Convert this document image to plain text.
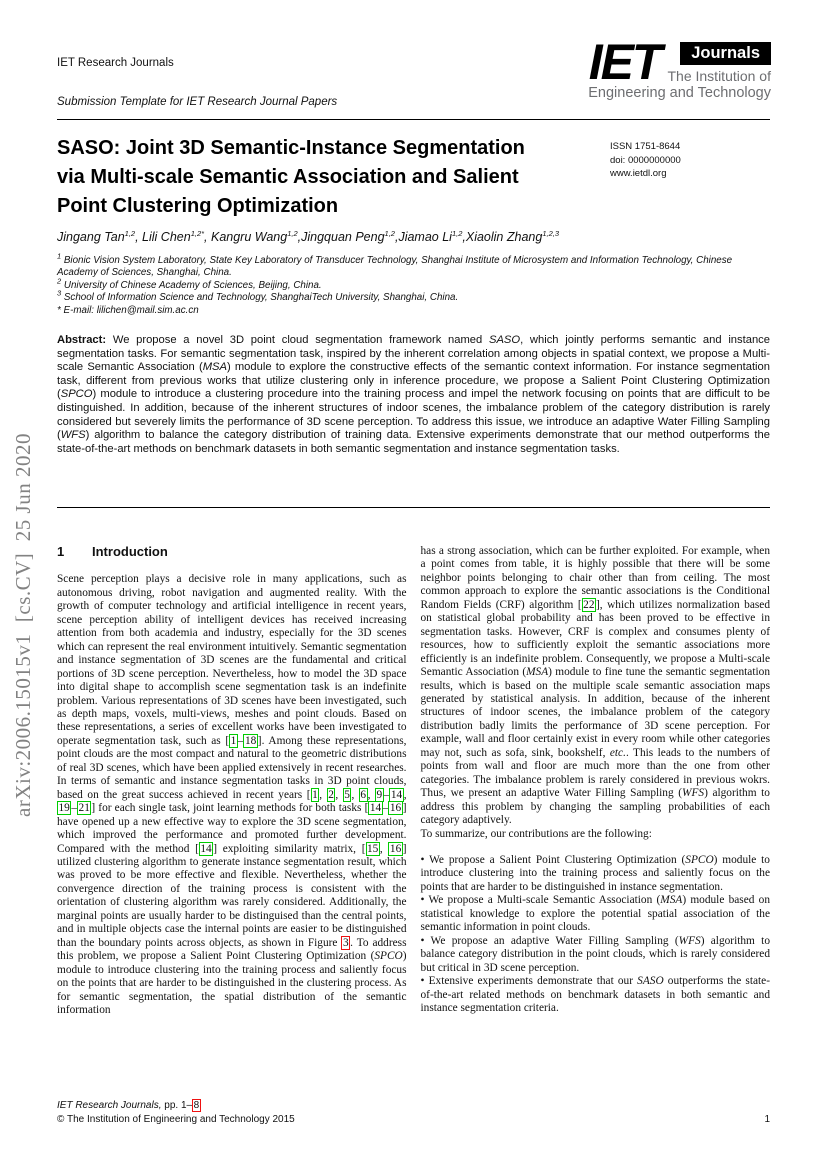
IET Research Journals
Submission Template for IET Research Journal Papers
IET	Journals
The Institution of
Engineering and Technology
SASO: Joint 3D Semantic-Instance Segmentation
via Multi-scale Semantic Association and Salient
Point Clustering Optimization
ISSN 1751-8644
doi: 0000000000
www.ietdl.org
Jingang Tan$^{1,2}$, Lili Chen$^{1,2*}$, Kangru Wang$^{1,2}$,Jingquan Peng$^{1,2}$,Jiamao Li$^{1,2}$,Xiaolin Zhang$^{1,2,3}$
$^1$ Bionic Vision System Laboratory, State Key Laboratory of Transducer Technology, Shanghai Institute of Microsystem and Information Technology, Chinese Academy of Sciences, Shanghai, China.
$^2$ University of Chinese Academy of Sciences, Beijing, China.
$^3$ School of Information Science and Technology, ShanghaiTech University, Shanghai, China.
* E-mail: lilichen@mail.sim.ac.cn
Abstract: We propose a novel 3D point cloud segmentation framework named SASO, which jointly performs semantic and instance segmentation tasks. For semantic segmentation task, inspired by the inherent correlation among objects in spatial context, we propose a Multi-scale Semantic Association (MSA) module to explore the constructive effects of the semantic context information. For instance segmentation task, different from previous works that utilize clustering only in inference procedure, we propose a Salient Point Clustering Optimization (SPCO) module to introduce a clustering procedure into the training process and impel the network focusing on points that are difficult to be distinguished. In addition, because of the inherent structures of indoor scenes, the imbalance problem of the category distribution is rarely considered but severely limits the performance of 3D scene perception. To address this issue, we introduce an adaptive Water Filling Sampling (WFS) algorithm to balance the category distribution of training data. Extensive experiments demonstrate that our method outperforms the state-of-the-art methods on benchmark datasets in both semantic segmentation and instance segmentation tasks.
1 Introduction

Scene perception plays a decisive role in many applications, such as autonomous driving, robot navigation and augmented reality. With the growth of computer technology and artificial intelligence in recent years, scene perception ability of intelligent devices has received increasing attention from both academia and industry, especially for the 3D scenes which can represent the real environment intuitively. Semantic segmentation and instance segmentation of 3D scenes are the fundamental and critical portions of 3D scene perception. Nevertheless, how to model the 3D space into digital shape to accomplish scene segmentation task is an indefinite problem. Various representations of 3D scenes have been investigated, such as depth maps, voxels, multi-views, meshes and point clouds. Based on these representations, a series of excellent works have been investigated to operate segmentation task, such as [ 1 – 18 ]. Among these representations, point clouds are the most compact and natural to the geometric distributions of real 3D scenes, which have been applied extensively in recent researches. In terms of semantic and instance segmentation tasks in 3D point clouds, based on the great success achieved in recent years [ 1 , 2 , 5 , 6 , 9 – 14 , 19 – 21 ] for each single task, joint learning methods for both tasks [ 14 – 16 ] have opened up a new effective way to explore the 3D scene segmentation, which improved the performance and promoted further development. Compared with the method [ 14 ] exploiting similarity matrix, [ 15 , 16 ] utilized clustering algorithm to generate instance segmentation result, which was proved to be more effective and flexible. Nevertheless, whether the convergence direction of the training process is consistent with the orientation of clustering algorithm was rarely considered. Additionally, the marginal points are usually harder to be distinguised than the central points, and in multiple objects case the internal points are easier to be distinguished than the boundary points across objects, as shown in Figure 3 . To address this problem, we propose a Salient Point Clustering Optimization (SPCO) module to introduce clustering into the training process and saliently focus on the points that are harder to be distinguished in the clustering process. As for semantic segmentation, the spatial distribution of the semantic information

has a strong association, which can be further exploited. For example, when a point comes from table, it is highly possible that there will be some neighbor points belonging to chair other than from ceiling. The most common approach to explore the semantic associations is the Conditional Random Fields (CRF) algorithm [ 22 ], which utilizes normalization based on statistical global probability and has been proved to be effective in segmentation tasks. However, CRF is complex and consumes plenty of resources, how to sufficiently exploit the semantic associations more efficiently is an indefinite problem. Consequently, we propose a Multi-scale Semantic Association (MSA) module to fine tune the semantic segmentation results, which is based on the multiple scale semantic association maps generated by statistical analysis. In addition, because of the inherent structures of indoor scenes, the imbalance problem of the category distribution badly limits the performance of 3D scene perception. For example, wall and floor certainly exist in every room while other categories may not, such as sofa, sink, bookshelf, etc.. This leads to the numbers of points from wall and floor are much more than the one from other categories. The imbalance problem is rarely considered in previous wokrs. Thus, we present an adaptive Water Filling Sampling (WFS) algorithm to address this problem by changing the sampling probabilities of each category adaptively.

To summarize, our contributions are the following:

• We propose a Salient Point Clustering Optimization (SPCO) module to introduce clustering into the training process and saliently focus on the points that are harder to be distinguished in instance segmentation.

• We propose a Multi-scale Semantic Association (MSA) module based on statistical knowledge to explore the potential spatial association of the semantic information in point clouds.

• We propose an adaptive Water Filling Sampling (WFS) algorithm to balance category distribution in the point clouds, which is rarely considered but critical in 3D scene perception.

• Extensive experiments demonstrate that our SASO outperforms the state-of-the-art related methods on benchmark datasets in both semantic and instance segmentation criteria.

arXiv:2006.15015v1  [cs.CV]  25 Jun 2020
IET Research Journals, pp. 1– 8
© The Institution of Engineering and Technology 2015	1
